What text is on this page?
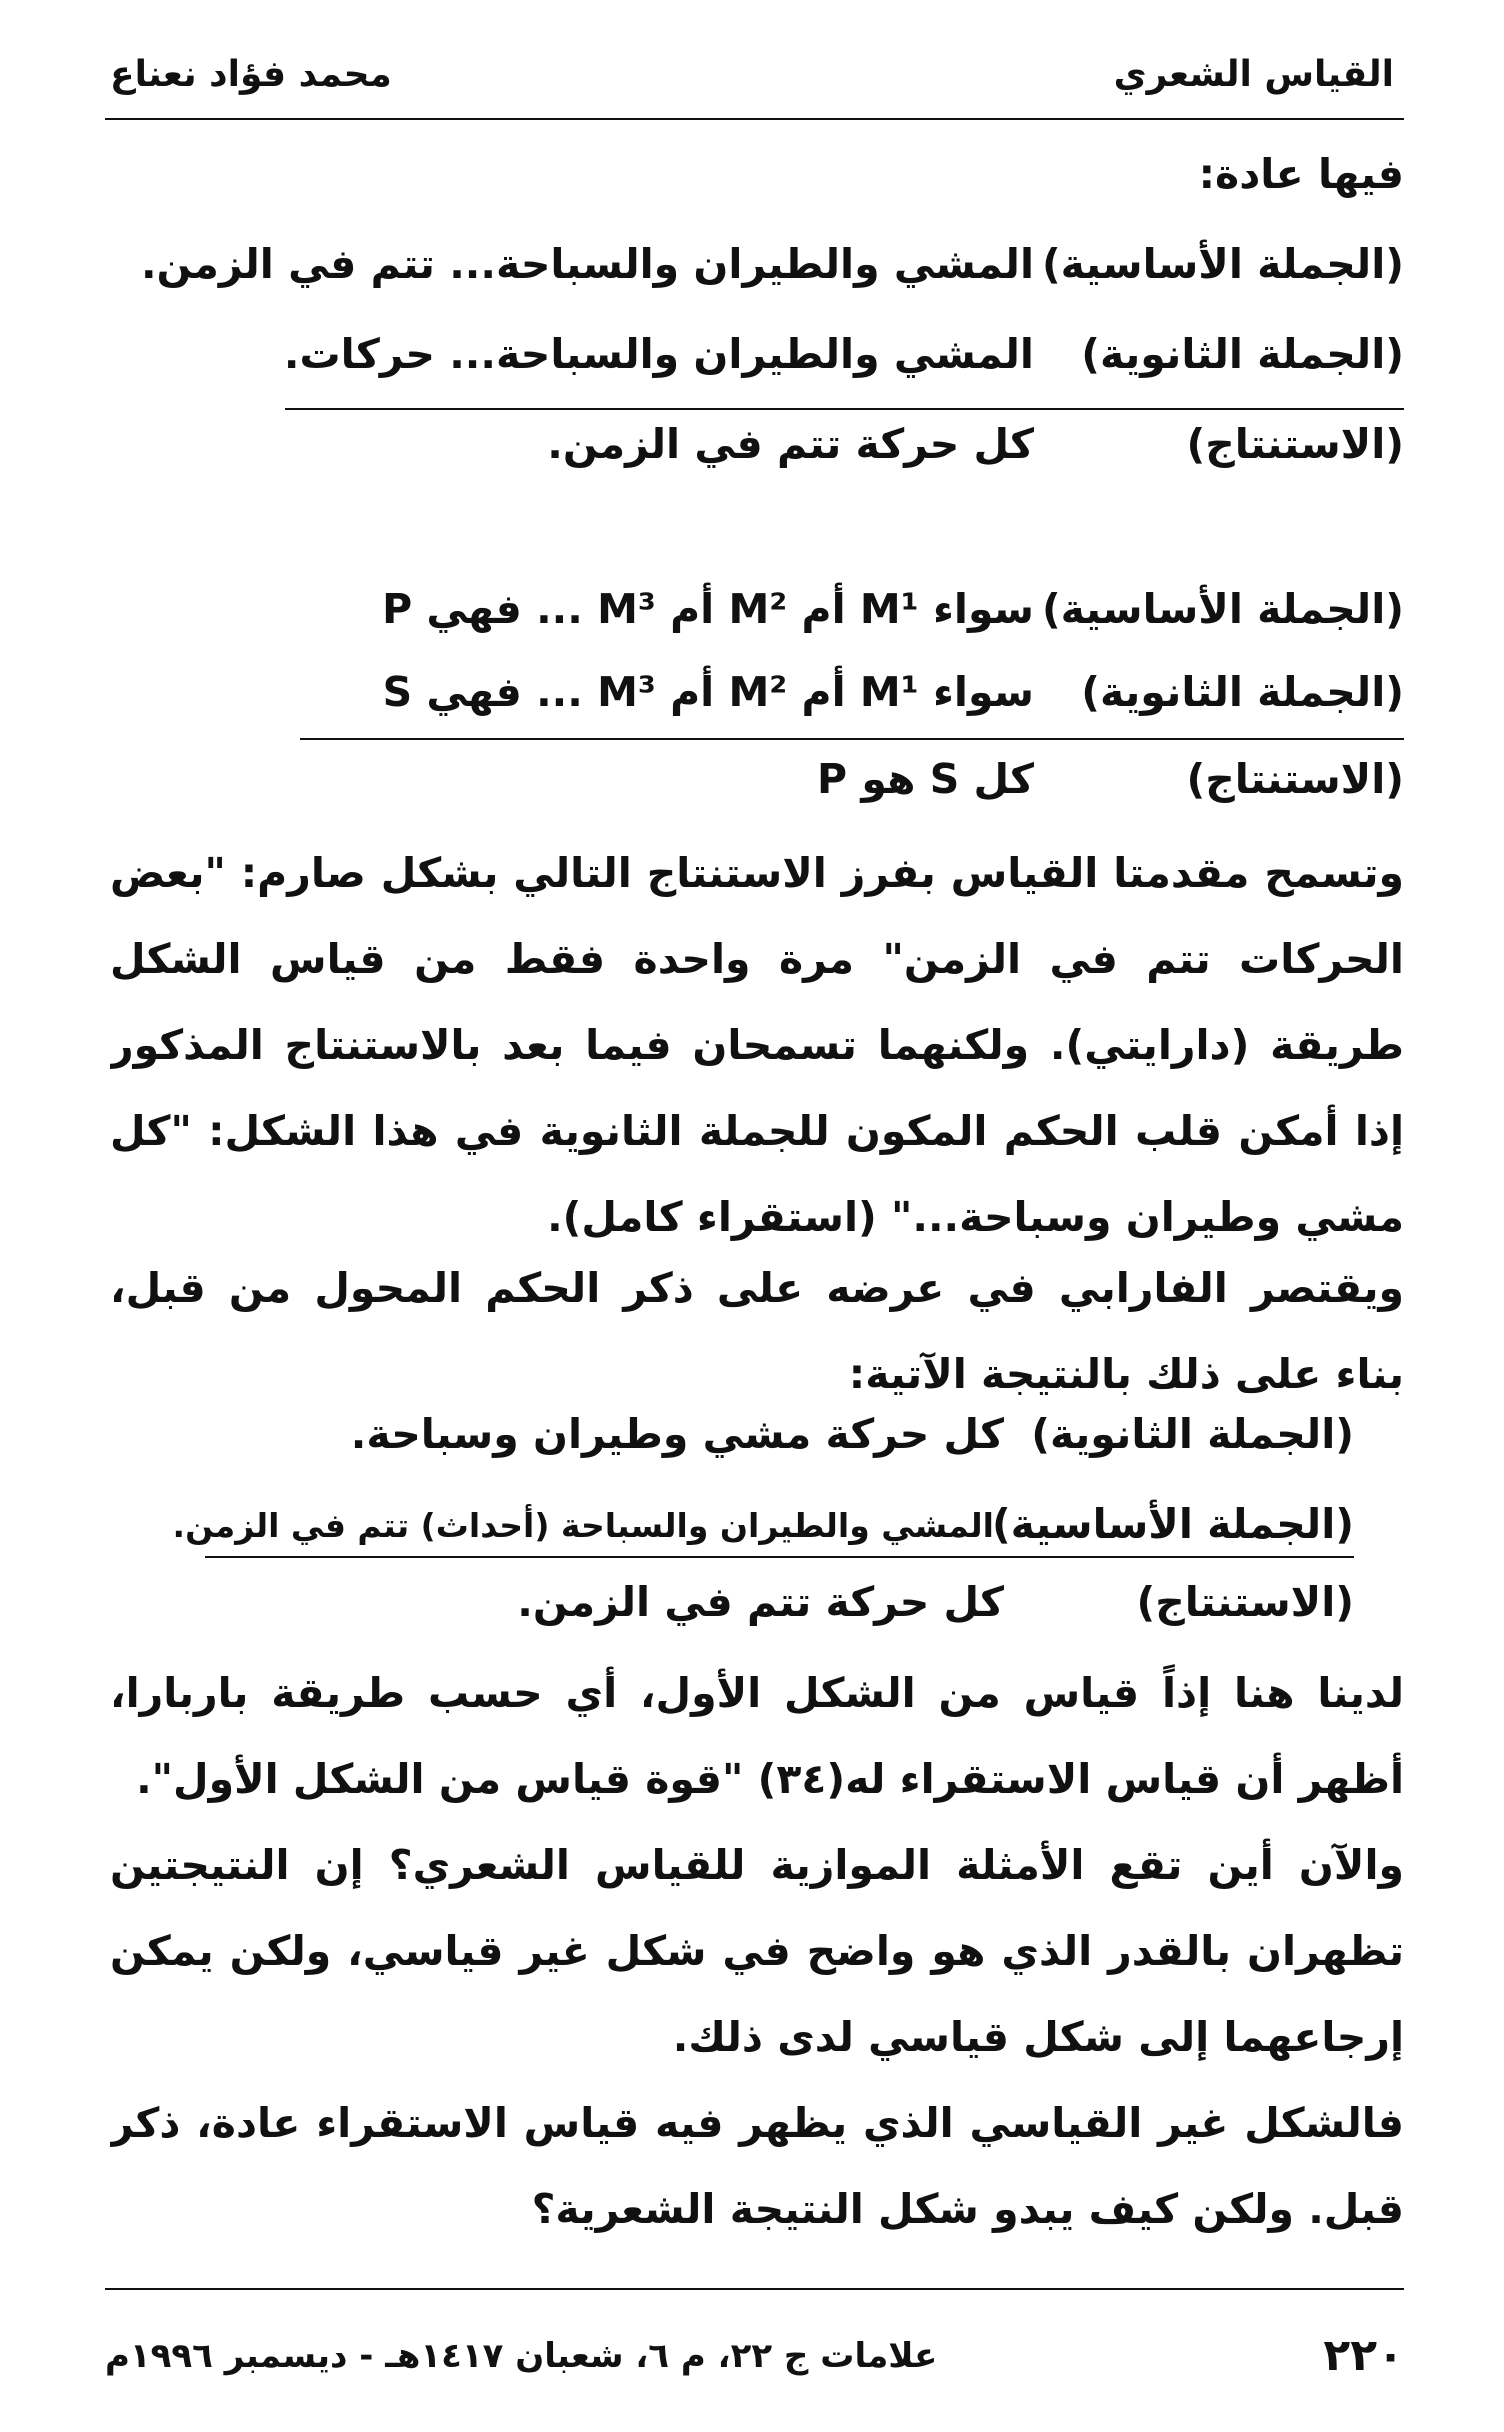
القياس الشعري
محمد فؤاد نعناع
فيها عادة:
(الجملة الأساسية)
المشي والطيران والسباحة... تتم في الزمن.
(الجملة الثانوية)
المشي والطيران والسباحة... حركات.
(الاستنتاج)
كل حركة تتم في الزمن.
(الجملة الأساسية)
سواء M¹ أم M² أم M³ ... فهي P
(الجملة الثانوية)
سواء M¹ أم M² أم M³ ... فهي S
(الاستنتاج)
كل S هو P
وتسمح مقدمتا القياس بفرز الاستنتاج التالي بشكل صارم: "بعض
الحركات تتم في الزمن" مرة واحدة فقط من قياس الشكل
طريقة (دارايتي). ولكنهما تسمحان فيما بعد بالاستنتاج المذكور
إذا أمكن قلب الحكم المكون للجملة الثانوية في هذا الشكل: "كل
مشي وطيران وسباحة..." (استقراء كامل).
ويقتصر الفارابي في عرضه على ذكر الحكم المحول من قبل،
بناء على ذلك بالنتيجة الآتية:
(الجملة الثانوية)
كل حركة مشي وطيران وسباحة.
(الجملة الأساسية)
المشي والطيران والسباحة (أحداث) تتم في الزمن.
(الاستنتاج)
كل حركة تتم في الزمن.
لدينا هنا إذاً قياس من الشكل الأول، أي حسب طريقة باربارا،
أظهر أن قياس الاستقراء له(٣٤) "قوة قياس من الشكل الأول".
والآن أين تقع الأمثلة الموازية للقياس الشعري؟ إن النتيجتين
تظهران بالقدر الذي هو واضح في شكل غير قياسي، ولكن يمكن
إرجاعهما إلى شكل قياسي لدى ذلك.
فالشكل غير القياسي الذي يظهر فيه قياس الاستقراء عادة، ذكر
قبل. ولكن كيف يبدو شكل النتيجة الشعرية؟
٢٢٠
علامات ج ٢٢، م ٦، شعبان ١٤١٧هـ - ديسمبر ١٩٩٦م
